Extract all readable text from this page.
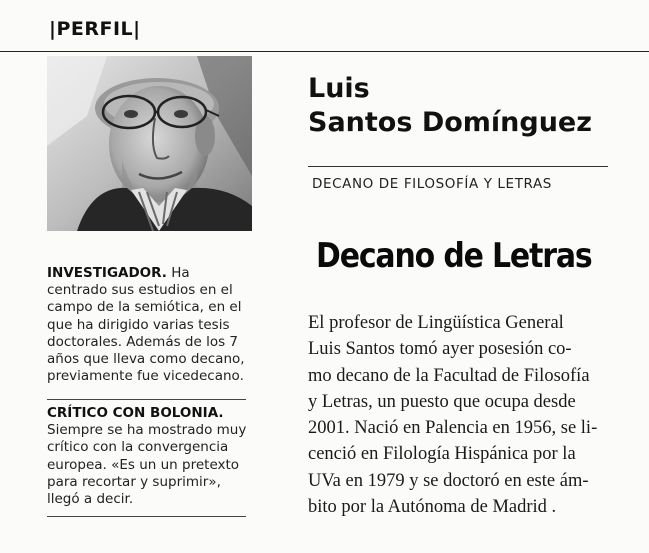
|PERFIL|
Luis
Santos Domínguez
DECANO DE FILOSOFÍA Y LETRAS
Decano de Letras
El profesor de Lingüística General
Luis Santos tomó ayer posesión co-
mo decano de la Facultad de Filosofía
y Letras, un puesto que ocupa desde
2001. Nació en Palencia en 1956, se li-
cenció en Filología Hispánica por la
UVa en 1979 y se doctoró en este ám-
bito por la Autónoma de Madrid .
INVESTIGADOR. Ha
centrado sus estudios en el
campo de la semiótica, en el
que ha dirigido varias tesis
doctorales. Además de los 7
años que lleva como decano,
previamente fue vicedecano.
CRÍTICO CON BOLONIA.
Siempre se ha mostrado muy
crítico con la convergencia
europea. «Es un un pretexto
para recortar y suprimir»,
llegó a decir.
